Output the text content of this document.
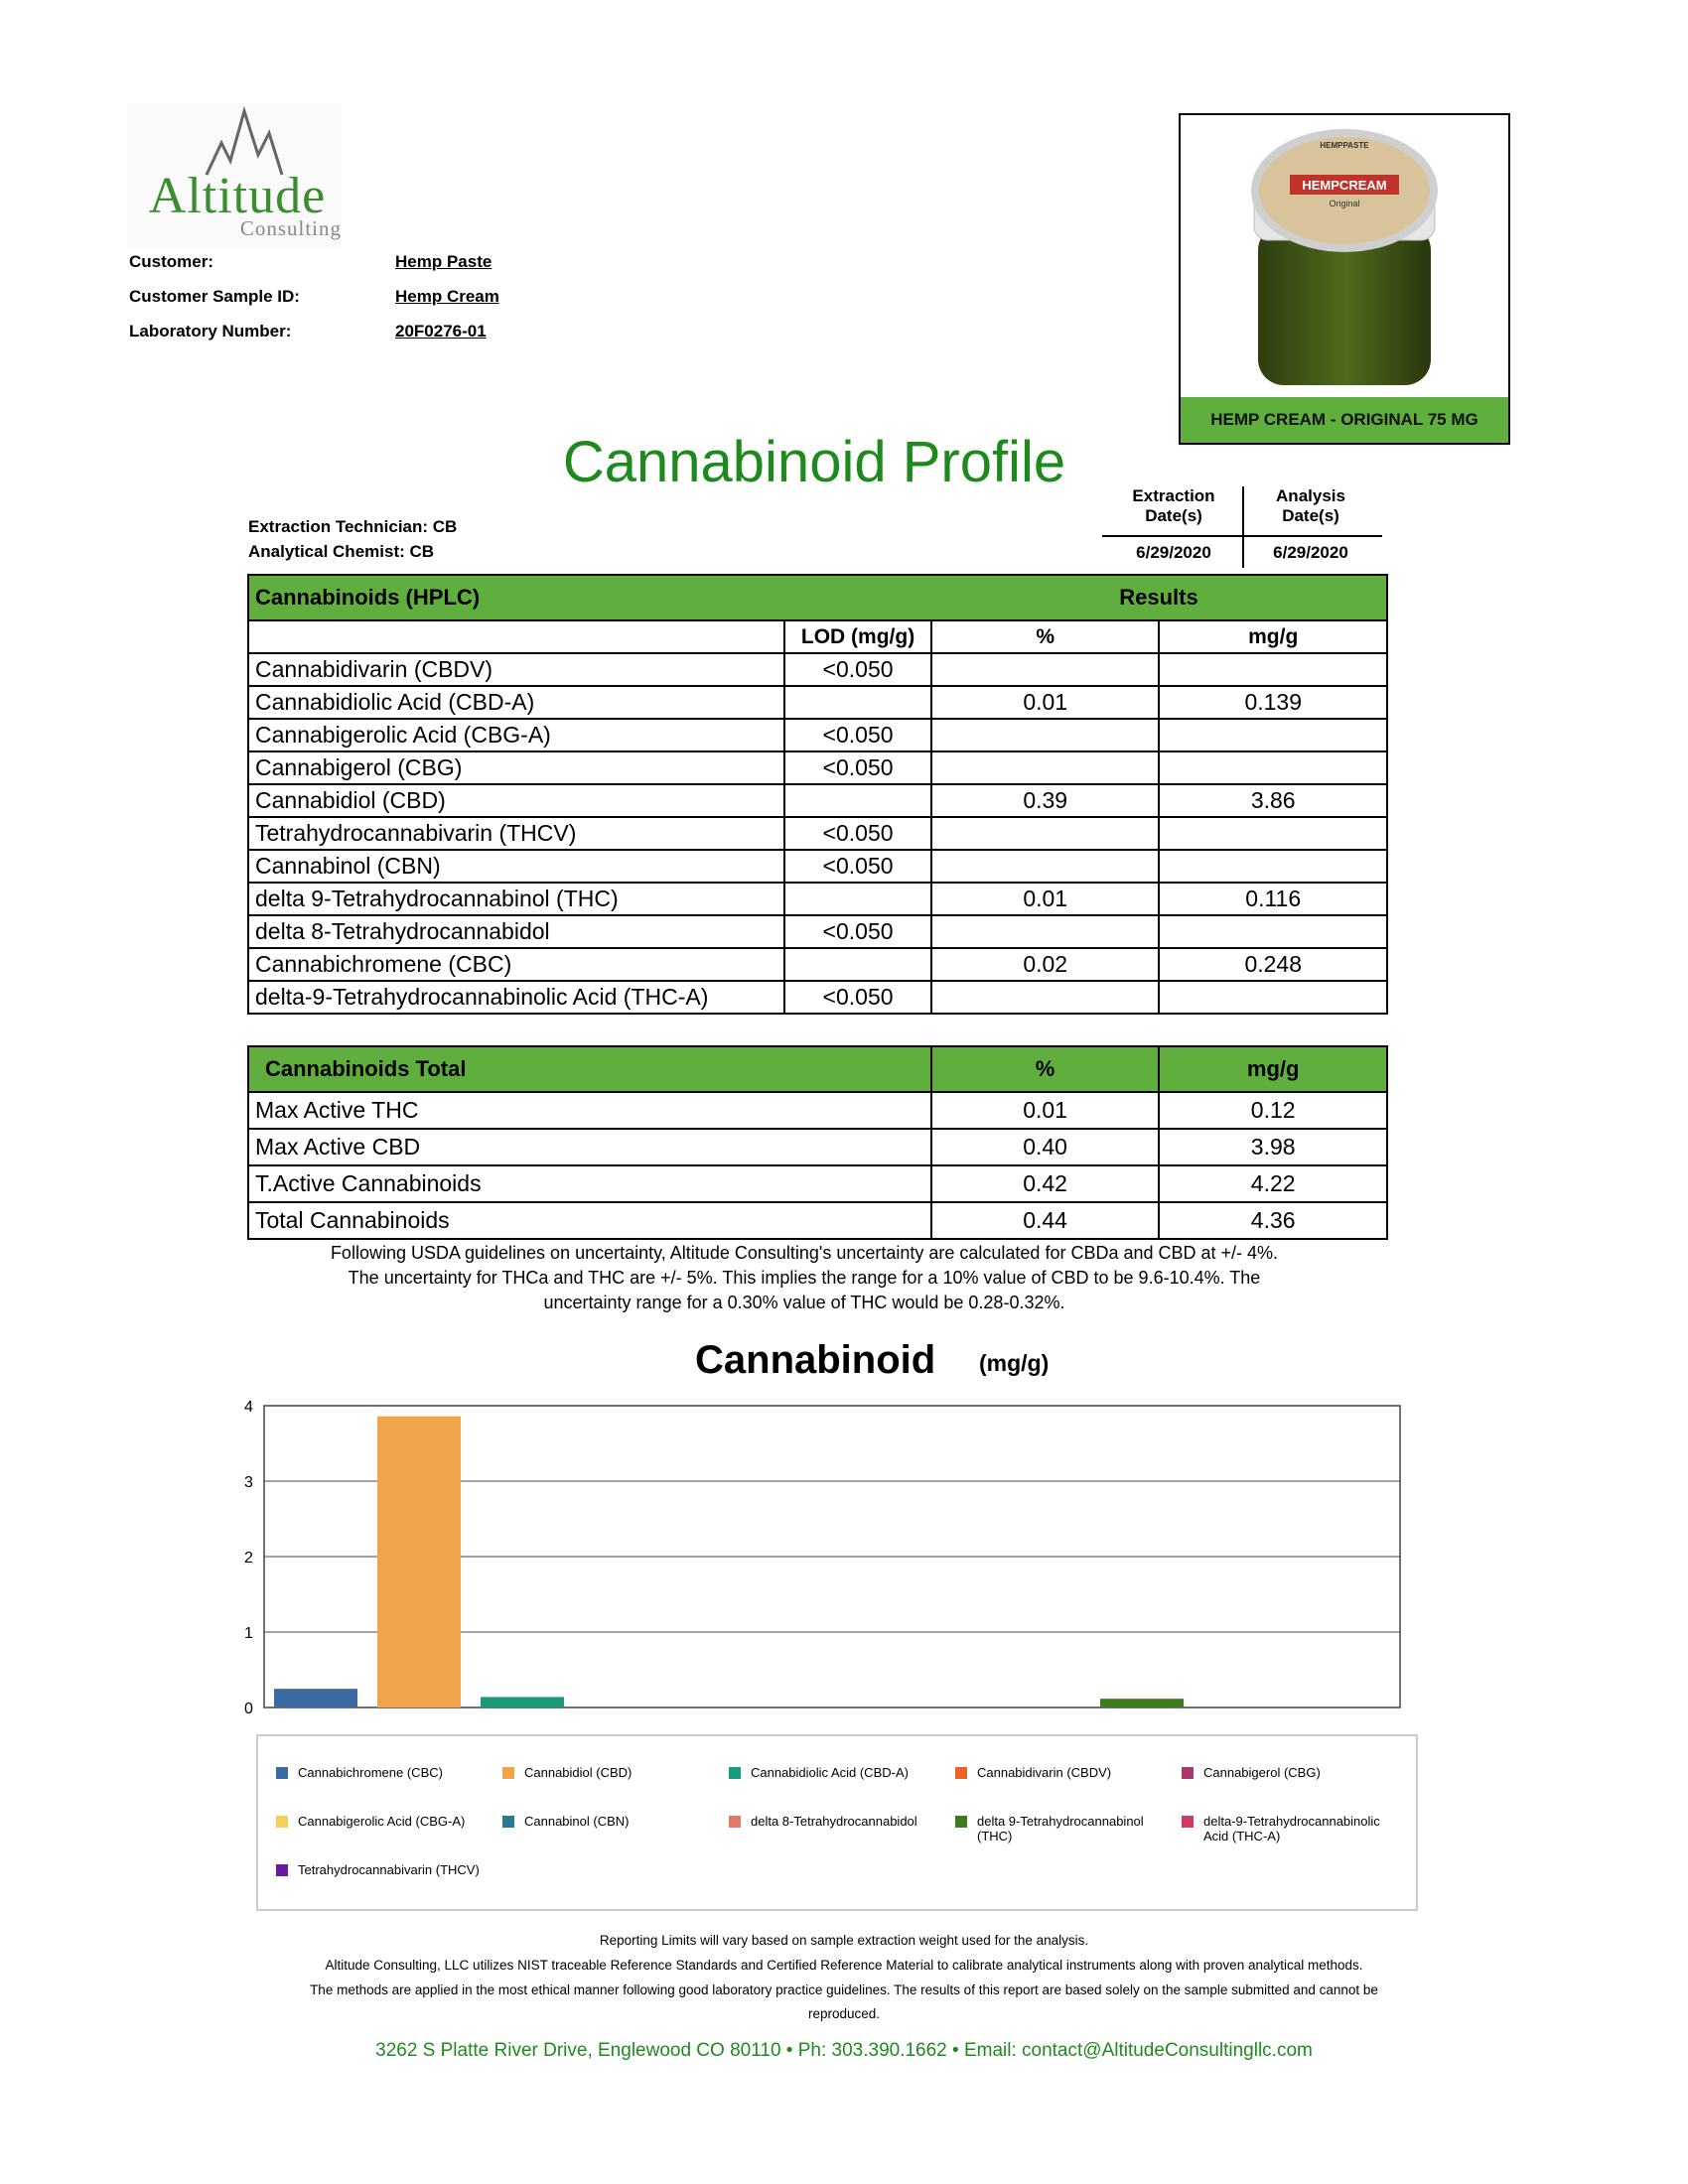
Altitude
Consulting
Customer:	Hemp Paste
Customer Sample ID:	Hemp Cream
Laboratory Number:	20F0276-01
HEMPPASTE
HEMPCREAM
Original
HEMP CREAM - ORIGINAL 75 MG
Cannabinoid Profile
Extraction Technician: CB
Analytical Chemist: CB
Extraction
Date(s)
Analysis
Date(s)
6/29/2020	6/29/2020
Cannabinoids (HPLC)		Results	
	LOD (mg/g)	%	mg/g
Cannabidivarin (CBDV)	<0.050		
Cannabidiolic Acid (CBD-A)		0.01	0.139
Cannabigerolic Acid (CBG-A)	<0.050		
Cannabigerol (CBG)	<0.050		
Cannabidiol (CBD)		0.39	3.86
Tetrahydrocannabivarin (THCV)	<0.050		
Cannabinol (CBN)	<0.050		
delta 9-Tetrahydrocannabinol (THC)		0.01	0.116
delta 8-Tetrahydrocannabidol	<0.050		
Cannabichromene (CBC)		0.02	0.248
delta-9-Tetrahydrocannabinolic Acid (THC-A)	<0.050		
Cannabinoids Total	%	mg/g
Max Active THC	0.01	0.12
Max Active CBD	0.40	3.98
T.Active Cannabinoids	0.42	4.22
Total Cannabinoids	0.44	4.36
Following USDA guidelines on uncertainty, Altitude Consulting's uncertainty are calculated for CBDa and CBD at +/- 4%.
The uncertainty for THCa and THC are +/- 5%. This implies the range for a 10% value of CBD to be 9.6-10.4%. The
uncertainty range for a 0.30% value of THC would be 0.28-0.32%.
Cannabinoid (mg/g)
0
1
2
3
4
Cannabichromene (CBC)	Cannabidiol (CBD)	Cannabidiolic Acid (CBD-A)	Cannabidivarin (CBDV)	Cannabigerol (CBG)
Cannabigerolic Acid (CBG-A)	Cannabinol (CBN)	delta 8-Tetrahydrocannabidol	delta 9-Tetrahydrocannabinol (THC)
delta-9-Tetrahydrocannabinolic Acid (THC-A)
Tetrahydrocannabivarin (THCV)
Reporting Limits will vary based on sample extraction weight used for the analysis.
Altitude Consulting, LLC utilizes NIST traceable Reference Standards and Certified Reference Material to calibrate analytical instruments along with proven analytical methods.
The methods are applied in the most ethical manner following good laboratory practice guidelines. The results of this report are based solely on the sample submitted and cannot be
reproduced.
3262 S Platte River Drive, Englewood CO 80110 • Ph: 303.390.1662 • Email: contact@AltitudeConsultingllc.com
